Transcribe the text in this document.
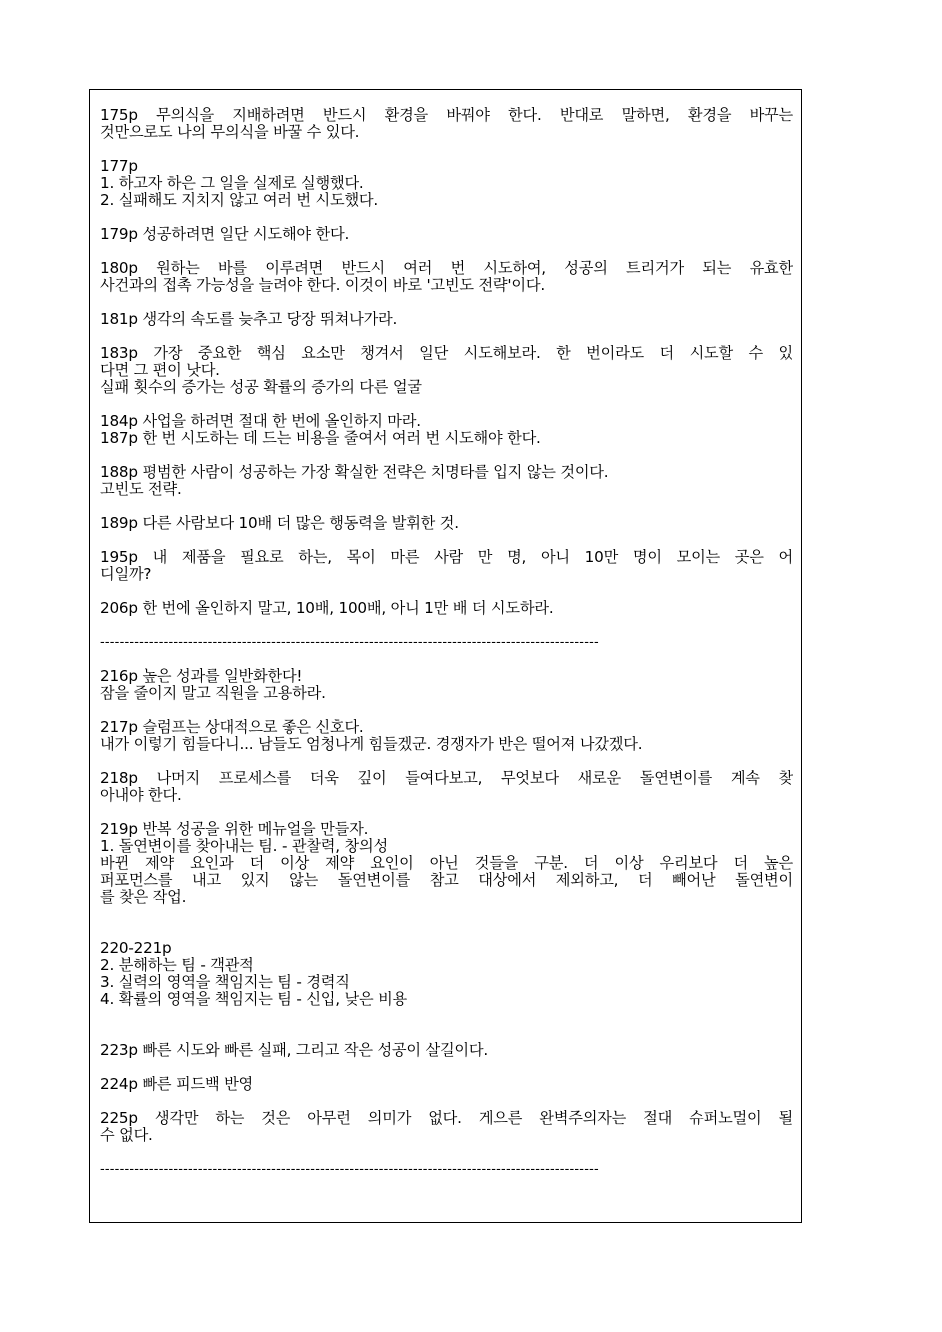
175p 무의식을 지배하려면 반드시 환경을 바꿔야 한다. 반대로 말하면, 환경을 바꾸는
것만으로도 나의 무의식을 바꿀 수 있다.
177p
1. 하고자 하은 그 일을 실제로 실행했다.
2. 실패해도 지치지 않고 여러 번 시도했다.
179p 성공하려면 일단 시도해야 한다.
180p 원하는 바를 이루려면 반드시 여러 번 시도하여, 성공의 트리거가 되는 유효한
사건과의 접촉 가능성을 늘려야 한다. 이것이 바로 '고빈도 전략'이다.
181p 생각의 속도를 늦추고 당장 뛰쳐나가라.
183p 가장 중요한 핵심 요소만 챙겨서 일단 시도해보라. 한 번이라도 더 시도할 수 있
다면 그 편이 낫다.
실패 횟수의 증가는 성공 확률의 증가의 다른 얼굴
184p 사업을 하려면 절대 한 번에 올인하지 마라.
187p 한 번 시도하는 데 드는 비용을 줄여서 여러 번 시도해야 한다.
188p 평범한 사람이 성공하는 가장 확실한 전략은 치명타를 입지 않는 것이다.
고빈도 전략.
189p 다른 사람보다 10배 더 많은 행동력을 발휘한 것.
195p 내 제품을 필요로 하는, 목이 마른 사람 만 명, 아니 10만 명이 모이는 곳은 어
디일까?
206p 한 번에 올인하지 말고, 10배, 100배, 아니 1만 배 더 시도하라.
------------------------------------------------------------------------------------------------------
216p 높은 성과를 일반화한다!
잠을 줄이지 말고 직원을 고용하라.
217p 슬럼프는 상대적으로 좋은 신호다.
내가 이렇기 힘들다니... 남들도 엄청나게 힘들겠군. 경쟁자가 반은 떨어져 나갔겠다.
218p 나머지 프로세스를 더욱 깊이 들여다보고, 무엇보다 새로운 돌연변이를 계속 찾
아내야 한다.
219p 반복 성공을 위한 메뉴얼을 만들자.
1. 돌연변이를 찾아내는 팀. - 관찰력, 창의성
바뀐 제약 요인과 더 이상 제약 요인이 아닌 것들을 구분. 더 이상 우리보다 더 높은
퍼포먼스를 내고 있지 않는 돌연변이를 참고 대상에서 제외하고, 더 빼어난 돌연변이
를 찾은 작업.
220-221p
2. 분해하는 팀 - 객관적
3. 실력의 영역을 책임지는 팀 - 경력직
4. 확률의 영역을 책임지는 팀 - 신입, 낮은 비용
223p 빠른 시도와 빠른 실패, 그리고 작은 성공이 살길이다.
224p 빠른 피드백 반영
225p 생각만 하는 것은 아무런 의미가 없다. 게으른 완벽주의자는 절대 슈퍼노멀이 될
수 없다.
------------------------------------------------------------------------------------------------------
